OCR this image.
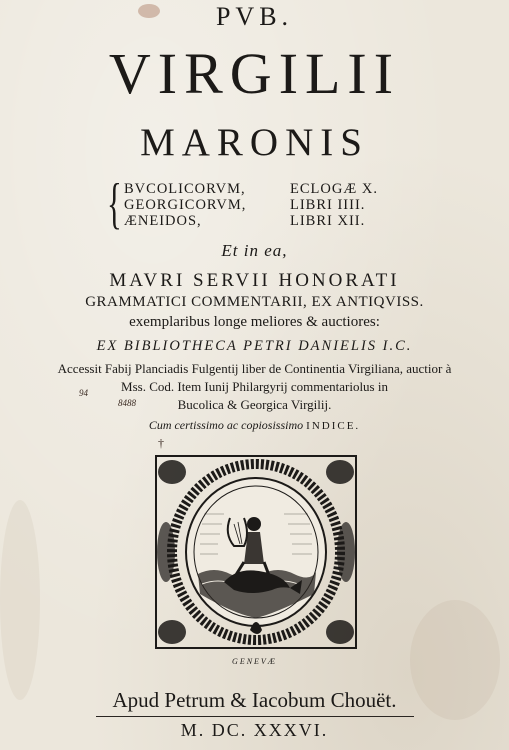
PVB.
VIRGILII
MARONIS
{ BVCOLICORVM,
GEORGICORVM,
ÆNEIDOS,
ECLOGÆ X.
LIBRI IIII.
LIBRI XII.
Et in ea,
MAVRI SERVII HONORATI
GRAMMATICI COMMENTARII, EX ANTIQVISS.
exemplaribus longe meliores & auctiores:
EX BIBLIOTHECA PETRI DANIELIS I.C.
Accessit Fabij Planciadis Fulgentij liber de Continentia Virgiliana, auctior à
Mss. Cod. Item Iunij Philargyrij commentariolus in
Bucolica & Georgica Virgilij.
Cum certissimo ac copiosissimo INDICE.
94
8488
†
GENEVÆ
Apud Petrum & Iacobum Chouët.
M. DC. XXXVI.
